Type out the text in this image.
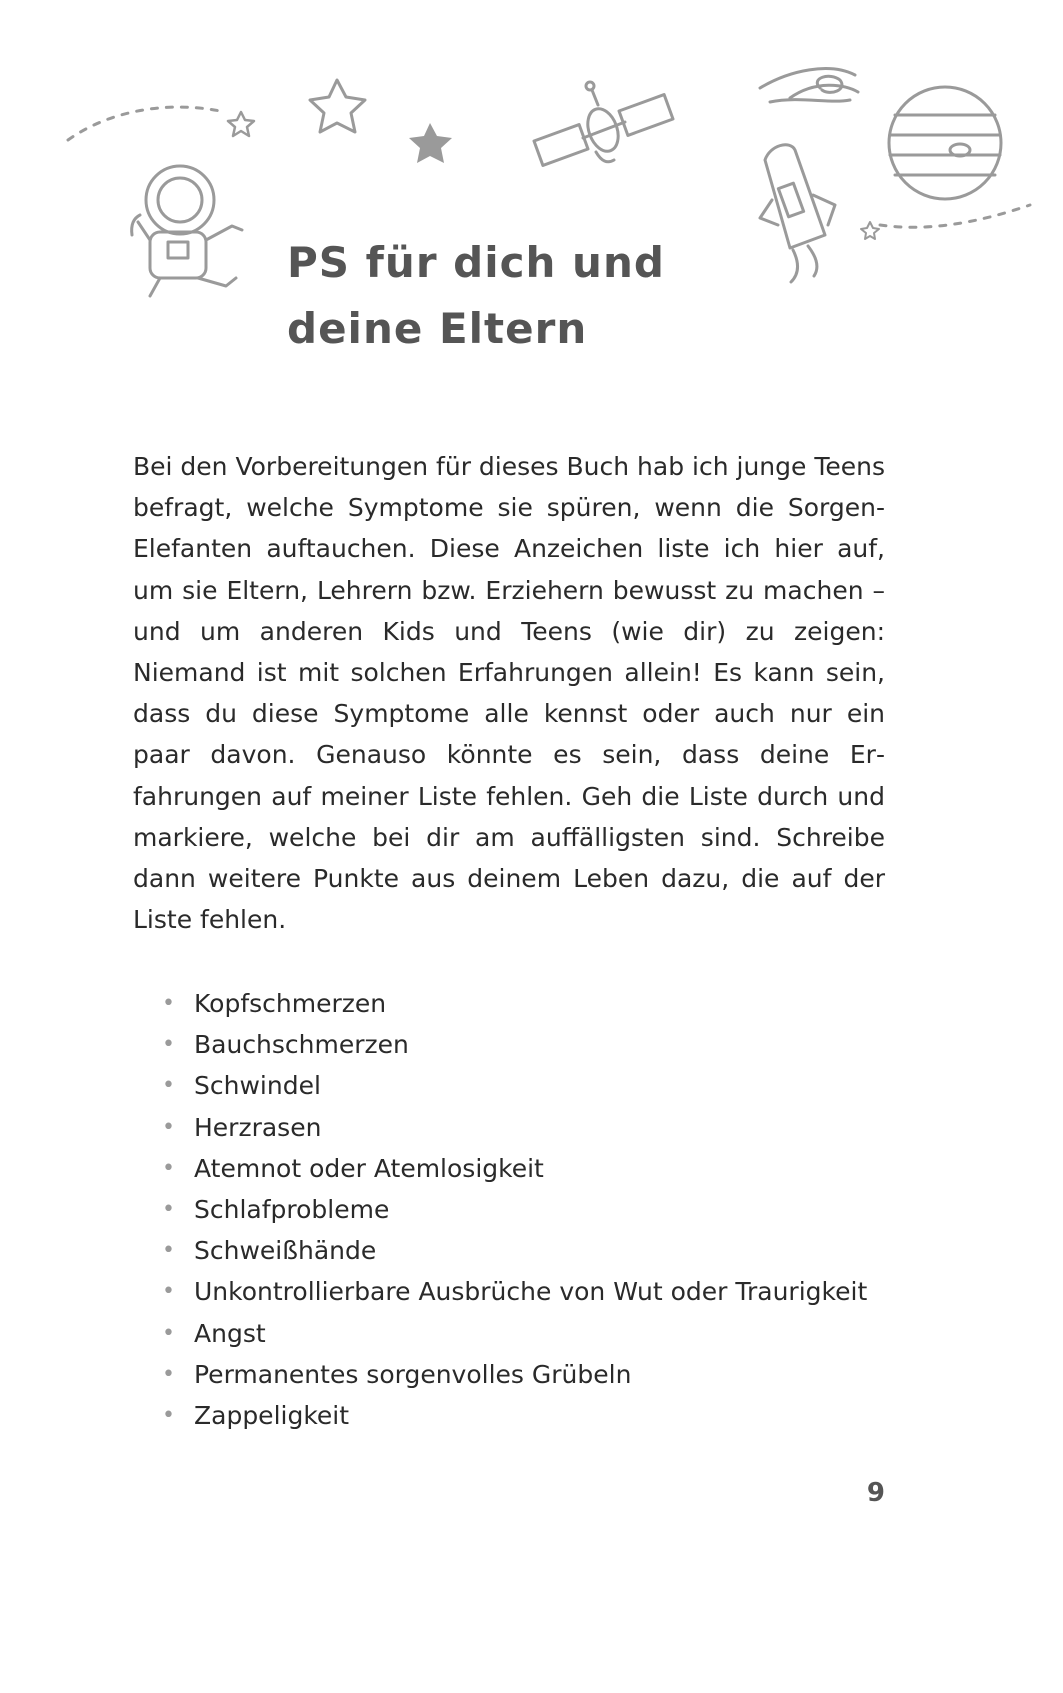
PS für dich und
deine Eltern

Bei den Vorbereitungen für dieses Buch hab ich junge Teens befragt, welche Symptome sie spüren, wenn die Sorgen-Elefanten auftauchen. Diese Anzeichen liste ich hier auf, um sie Eltern, Lehrern bzw. Erziehern bewusst zu machen – und um anderen Kids und Teens (wie dir) zu zeigen: Niemand ist mit solchen Erfahrungen allein! Es kann sein, dass du diese Symptome alle kennst oder auch nur ein paar davon. Genauso könnte es sein, dass deine Erfahrungen auf meiner Liste fehlen. Geh die Liste durch und markiere, welche bei dir am auffälligsten sind. Schreibe dann weitere Punkte aus deinem Leben dazu, die auf der Liste fehlen.

• Kopfschmerzen
• Bauchschmerzen
• Schwindel
• Herzrasen
• Atemnot oder Atemlosigkeit
• Schlafprobleme
• Schweißhände
• Unkontrollierbare Ausbrüche von Wut oder Traurigkeit
• Angst
• Permanentes sorgenvolles Grübeln
• Zappeligkeit
9
